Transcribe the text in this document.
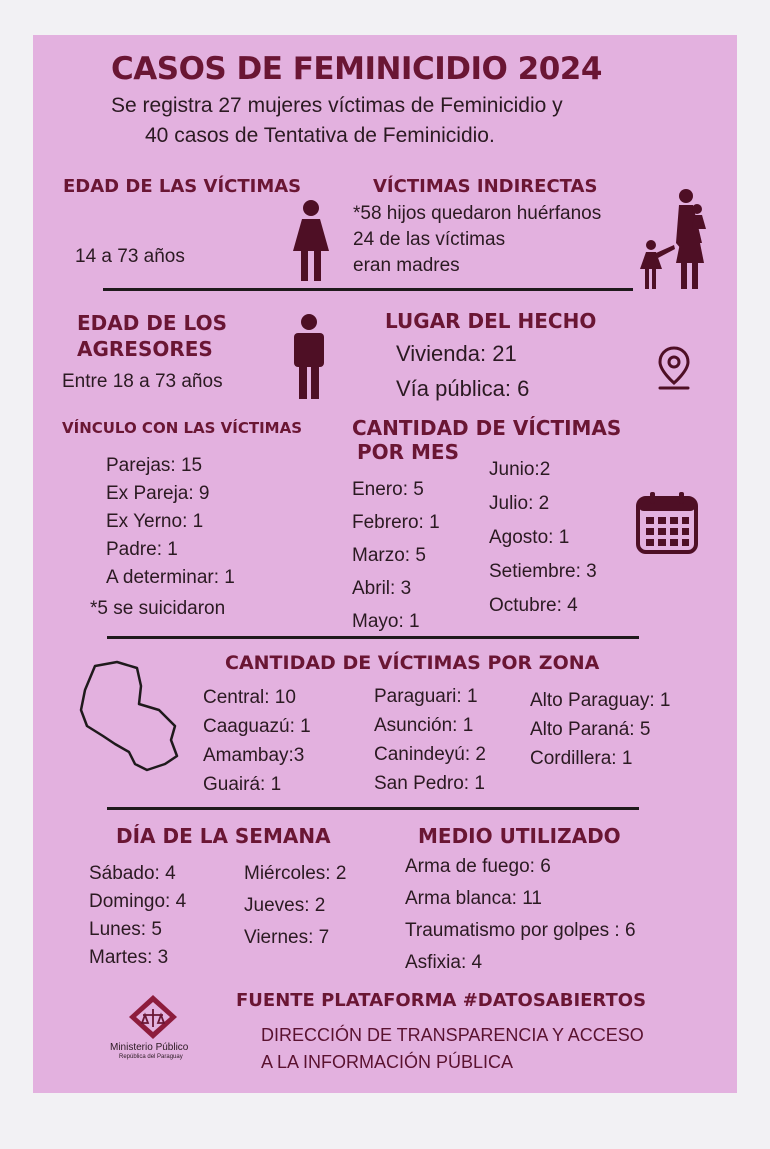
CASOS DE FEMINICIDIO 2024
Se registra 27 mujeres víctimas de Feminicidio y
40 casos de Tentativa de Feminicidio.
EDAD DE LAS VÍCTIMAS
14 a 73 años
VÍCTIMAS INDIRECTAS
*58 hijos quedaron huérfanos
24 de las víctimas
eran madres
EDAD DE LOS
AGRESORES
Entre 18 a 73 años
LUGAR DEL HECHO
Vivienda: 21
Vía pública: 6
VÍNCULO CON LAS VÍCTIMAS
Parejas: 15
Ex Pareja: 9
Ex Yerno: 1
Padre: 1
A determinar: 1
*5 se suicidaron
CANTIDAD DE VÍCTIMAS
POR MES
Enero: 5
Febrero: 1
Marzo: 5
Abril: 3
Mayo: 1
Junio:2
Julio: 2
Agosto: 1
Setiembre: 3
Octubre: 4
CANTIDAD DE VÍCTIMAS POR ZONA
Central: 10
Caaguazú: 1
Amambay:3
Guairá: 1
Paraguari: 1
Asunción: 1
Canindeyú: 2
San Pedro: 1
Alto Paraguay: 1
Alto Paraná: 5
Cordillera: 1
DÍA DE LA SEMANA
Sábado: 4
Domingo: 4
Lunes: 5
Martes: 3
Miércoles: 2
Jueves: 2
Viernes: 7
MEDIO UTILIZADO
Arma de fuego: 6
Arma blanca: 11
Traumatismo por golpes : 6
Asfixia: 4
FUENTE PLATAFORMA #DATOSABIERTOS
DIRECCIÓN DE TRANSPARENCIA Y ACCESO
A LA INFORMACIÓN PÚBLICA
Ministerio Público
República del Paraguay
